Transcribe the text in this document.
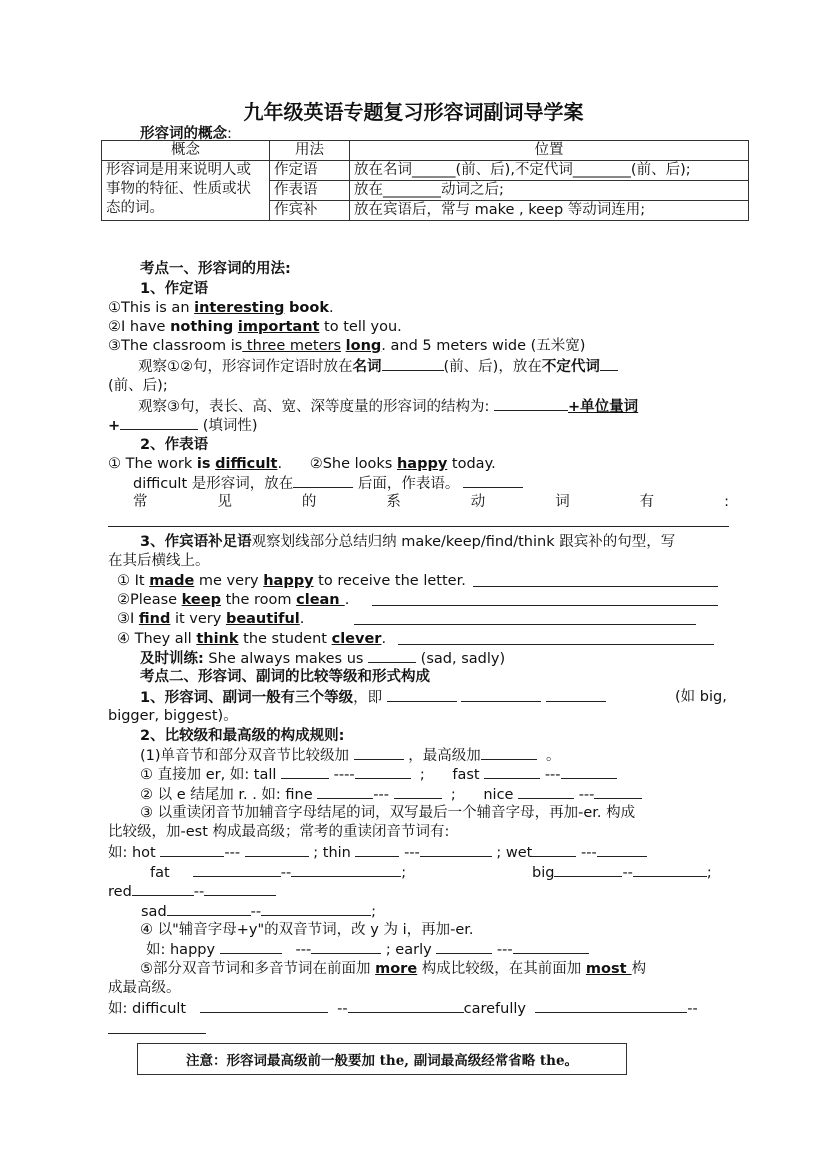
九年级英语专题复习形容词副词导学案
形容词的概念:
概念	用法	位置
形容词是用来说明人或事物的特征、性质或状态的词。	作定语	放在名词______(前、后),不定代词________(前、后);
	作表语	放在________动词之后;
	作宾补	放在宾语后，常与 make , keep 等动词连用;
考点一、形容词的用法:
1、作定语
①This is an interesting book.
②I have nothing important to tell you.
③The classroom is three meters long. and 5 meters wide (五米宽)
观察①②句，形容词作定语时放在名词	(前、后)，放在不定代词
(前、后);
观察③句，表长、高、宽、深等度量的形容词的结构为:	+单位量词
+	(填词性)
2、作表语
① The work is difficult. ②She looks happy today.
difficult 是形容词，放在	后面，作表语。
常	见	的	系	动	词	有	:
3、作宾语补足语观察划线部分总结归纳 make/keep/find/think 跟宾补的句型，写
在其后横线上。
① It made me very happy to receive the letter.
②Please keep the room clean .
③I find it very beautiful.
④ They all think the student clever.
及时训练: She always makes us	(sad, sadly)
考点二、形容词、副词的比较等级和形式构成
1、形容词、副词一般有三个等级，即	(如 big,
bigger, biggest)。
2、比较级和最高级的构成规则:
(1)单音节和部分双音节比较级加	，最高级加	。
① 直接加 er, 如: tall	----	; fast	---
② 以 e 结尾加 r. . 如: fine	---	; nice	---
③ 以重读闭音节加辅音字母结尾的词，双写最后一个辅音字母，再加-er. 构成
比较级，加-est 构成最高级；常考的重读闭音节词有:
如: hot	---	; thin	---	; wet	---
fat	--	;	big	--	;
red	--
sad	--	;
④ 以"辅音字母+y"的双音节词，改 y 为 i，再加-er.
如: happy	---	; early	---
⑤部分双音节词和多音节词在前面加 more 构成比较级，在其前面加 most 构
成最高级。
如: difficult	--	carefully	--
注意：形容词最高级前一般要加 the, 副词最高级经常省略 the。
